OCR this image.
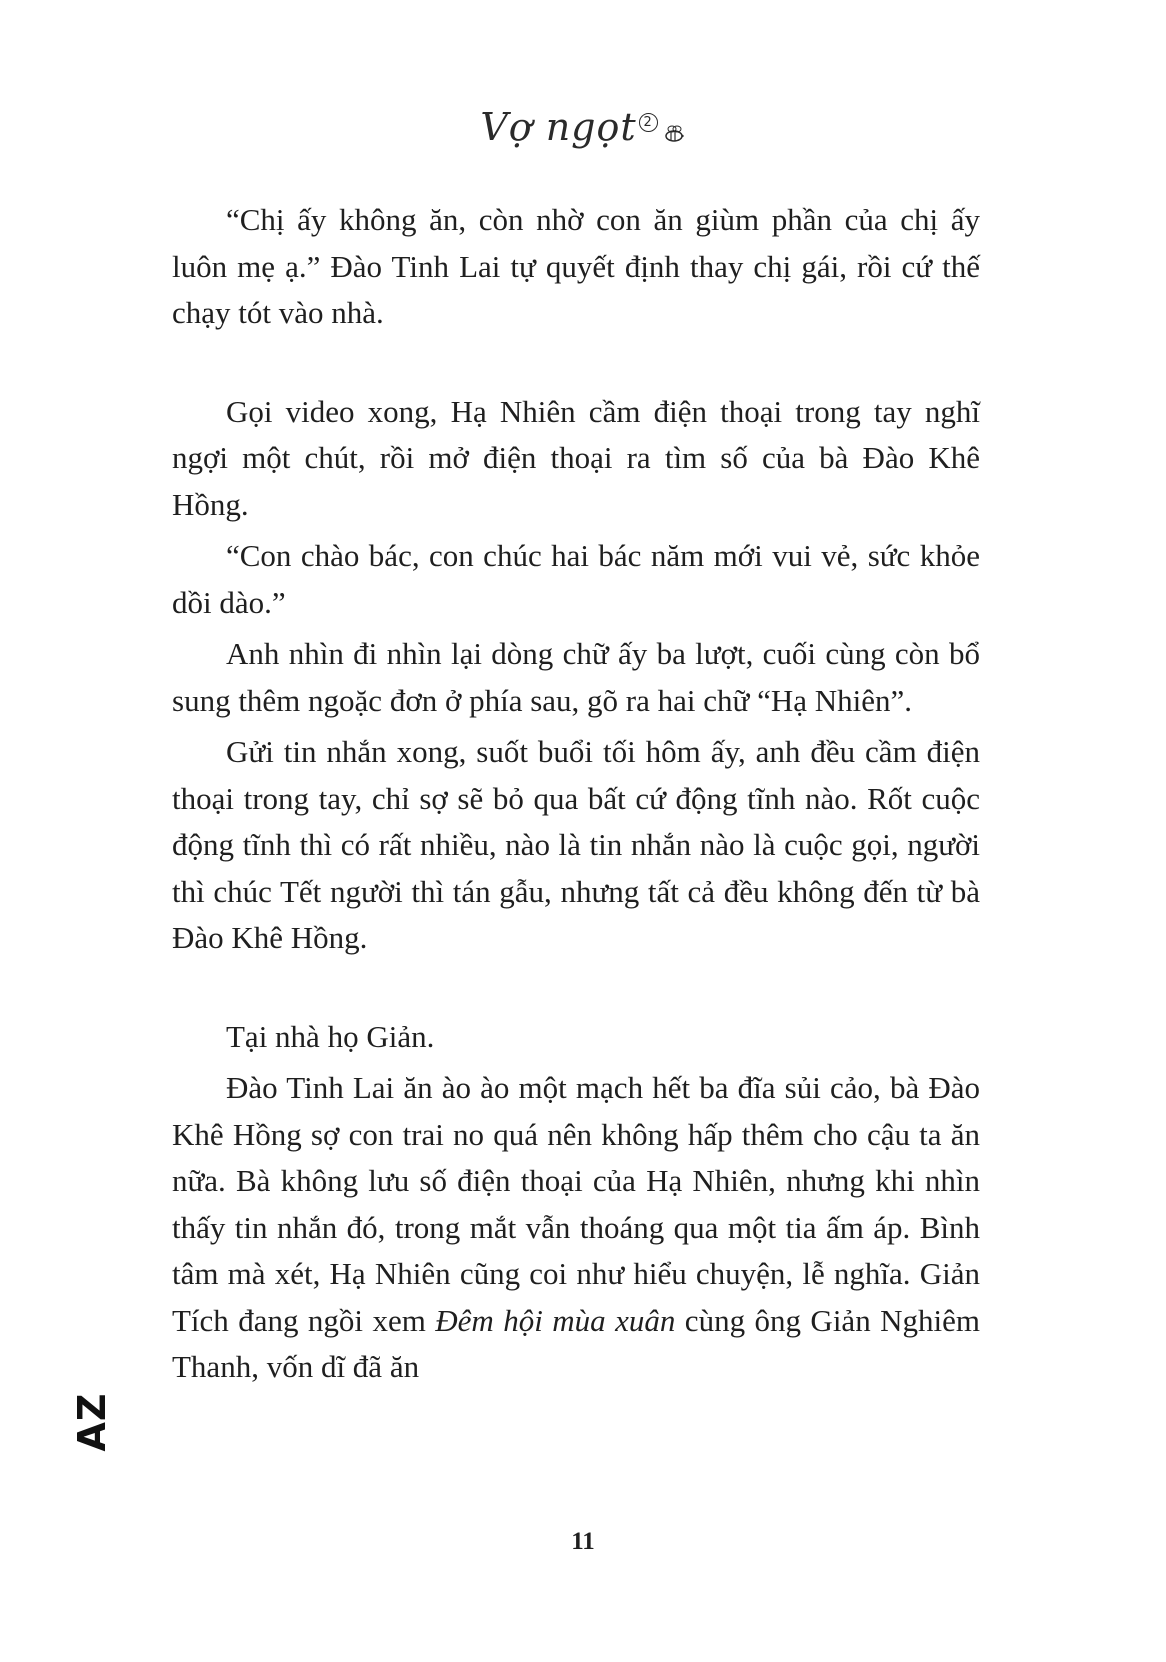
Vợ ngọt 2

“Chị ấy không ăn, còn nhờ con ăn giùm phần của chị ấy luôn mẹ ạ.” Đào Tinh Lai tự quyết định thay chị gái, rồi cứ thế chạy tót vào nhà.

Gọi video xong, Hạ Nhiên cầm điện thoại trong tay nghĩ ngợi một chút, rồi mở điện thoại ra tìm số của bà Đào Khê Hồng.

“Con chào bác, con chúc hai bác năm mới vui vẻ, sức khỏe dồi dào.”

Anh nhìn đi nhìn lại dòng chữ ấy ba lượt, cuối cùng còn bổ sung thêm ngoặc đơn ở phía sau, gõ ra hai chữ “Hạ Nhiên”.

Gửi tin nhắn xong, suốt buổi tối hôm ấy, anh đều cầm điện thoại trong tay, chỉ sợ sẽ bỏ qua bất cứ động tĩnh nào. Rốt cuộc động tĩnh thì có rất nhiều, nào là tin nhắn nào là cuộc gọi, người thì chúc Tết người thì tán gẫu, nhưng tất cả đều không đến từ bà Đào Khê Hồng.

Tại nhà họ Giản.

Đào Tinh Lai ăn ào ào một mạch hết ba đĩa sủi cảo, bà Đào Khê Hồng sợ con trai no quá nên không hấp thêm cho cậu ta ăn nữa. Bà không lưu số điện thoại của Hạ Nhiên, nhưng khi nhìn thấy tin nhắn đó, trong mắt vẫn thoáng qua một tia ấm áp. Bình tâm mà xét, Hạ Nhiên cũng coi như hiểu chuyện, lễ nghĩa. Giản Tích đang ngồi xem Đêm hội mùa xuân cùng ông Giản Nghiêm Thanh, vốn dĩ đã ăn

11
AZ
